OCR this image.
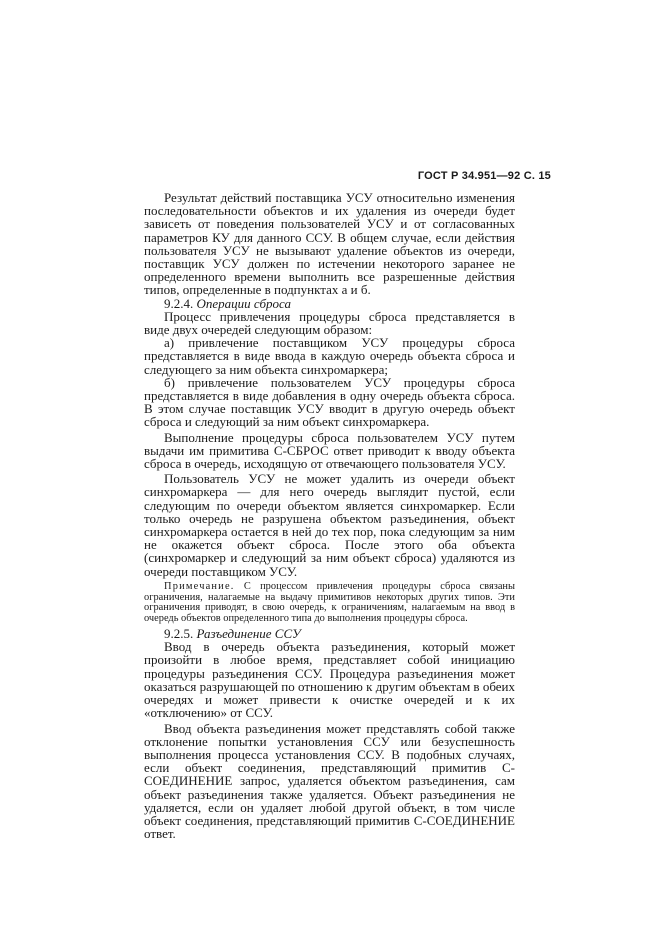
ГОСТ Р 34.951—92 С. 15

Результат действий поставщика УСУ относительно изменения последовательности объектов и их удаления из очереди будет зависеть от поведения пользователей УСУ и от согласованных параметров КУ для данного ССУ. В общем случае, если действия пользователя УСУ не вызывают удаление объектов из очереди, поставщик УСУ должен по истечении некоторого заранее не определенного времени выполнить все разрешенные действия типов, определенные в подпунктах а и б.

9.2.4. Операции сброса

Процесс привлечения процедуры сброса представляется в виде двух очередей следующим образом:

а) привлечение поставщиком УСУ процедуры сброса представляется в виде ввода в каждую очередь объекта сброса и следующего за ним объекта синхромаркера;

б) привлечение пользователем УСУ процедуры сброса представляется в виде добавления в одну очередь объекта сброса. В этом случае поставщик УСУ вводит в другую очередь объект сброса и следующий за ним объект синхромаркера.

Выполнение процедуры сброса пользователем УСУ путем выдачи им примитива С-СБРОС ответ приводит к вводу объекта сброса в очередь, исходящую от отвечающего пользователя УСУ.

Пользователь УСУ не может удалить из очереди объект синхромаркера — для него очередь выглядит пустой, если следующим по очереди объектом является синхромаркер. Если только очередь не разрушена объектом разъединения, объект синхромаркера остается в ней до тех пор, пока следующим за ним не окажется объект сброса. После этого оба объекта (синхромаркер и следующий за ним объект сброса) удаляются из очереди поставщиком УСУ.

Примечание. С процессом привлечения процедуры сброса связаны ограничения, налагаемые на выдачу примитивов некоторых других типов. Эти ограничения приводят, в свою очередь, к ограничениям, налагаемым на ввод в очередь объектов определенного типа до выполнения процедуры сброса.

9.2.5. Разъединение ССУ

Ввод в очередь объекта разъединения, который может произойти в любое время, представляет собой инициацию процедуры разъединения ССУ. Процедура разъединения может оказаться разрушающей по отношению к другим объектам в обеих очередях и может привести к очистке очередей и к их «отключению» от ССУ.

Ввод объекта разъединения может представлять собой также отклонение попытки установления ССУ или безуспешность выполнения процесса установления ССУ. В подобных случаях, если объект соединения, представляющий примитив С-СОЕДИНЕНИЕ запрос, удаляется объектом разъединения, сам объект разъединения также удаляется. Объект разъединения не удаляется, если он удаляет любой другой объект, в том числе объект соединения, представляющий примитив С-СОЕДИНЕНИЕ ответ.
